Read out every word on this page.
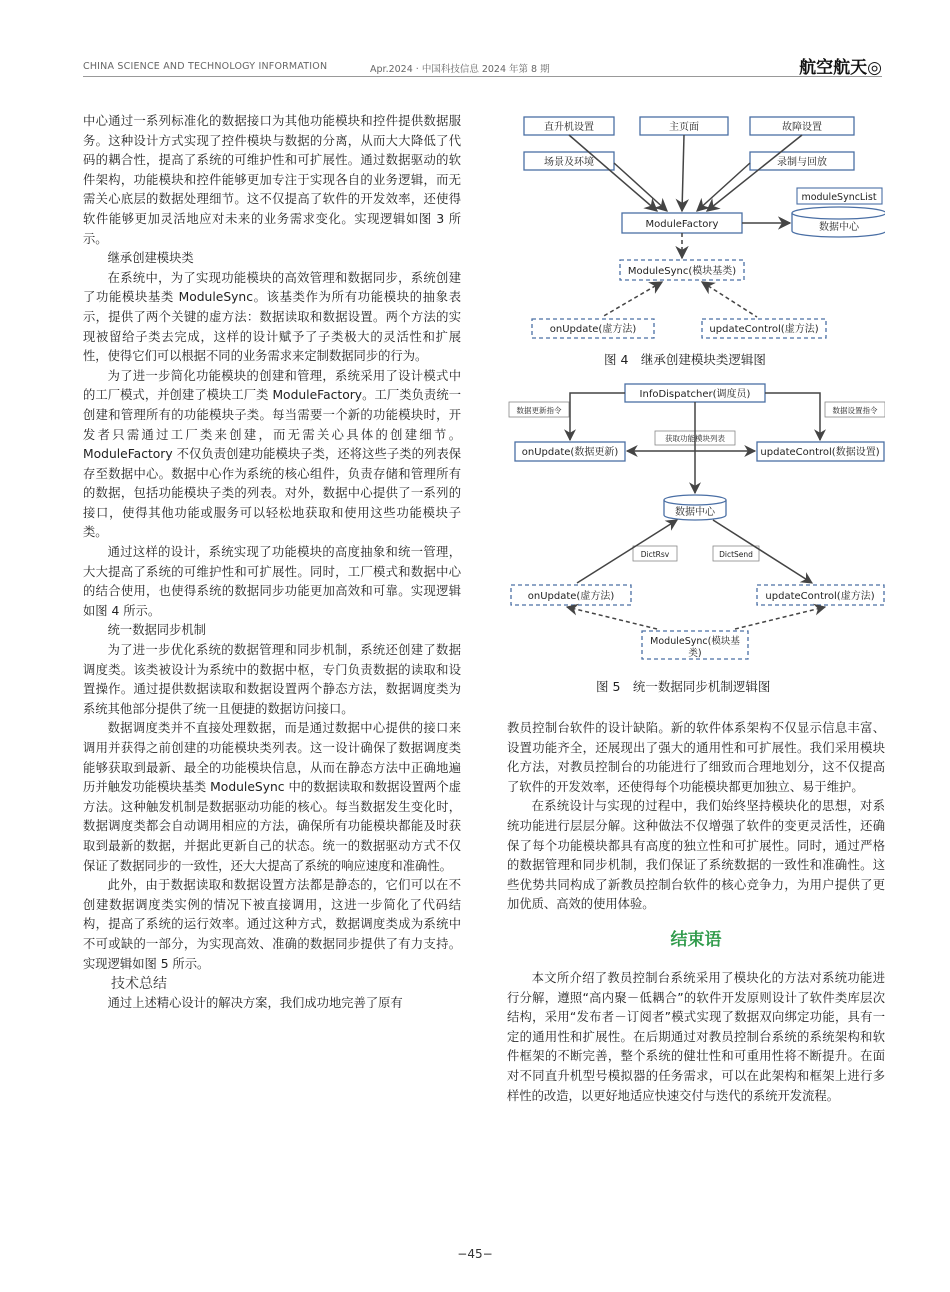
CHINA SCIENCE AND TECHNOLOGY INFORMATION	Apr.2024 · 中国科技信息 2024 年第 8 期	航空航天◎

中心通过一系列标准化的数据接口为其他功能模块和控件提供数据服务。这种设计方式实现了控件模块与数据的分离，从而大大降低了代码的耦合性，提高了系统的可维护性和可扩展性。通过数据驱动的软件架构，功能模块和控件能够更加专注于实现各自的业务逻辑，而无需关心底层的数据处理细节。这不仅提高了软件的开发效率，还使得软件能够更加灵活地应对未来的业务需求变化。实现逻辑如图 3 所示。

继承创建模块类

在系统中，为了实现功能模块的高效管理和数据同步，系统创建了功能模块基类 ModuleSync。该基类作为所有功能模块的抽象表示，提供了两个关键的虚方法：数据读取和数据设置。两个方法的实现被留给子类去完成，这样的设计赋予了子类极大的灵活性和扩展性，使得它们可以根据不同的业务需求来定制数据同步的行为。

为了进一步简化功能模块的创建和管理，系统采用了设计模式中的工厂模式，并创建了模块工厂类 ModuleFactory。工厂类负责统一创建和管理所有的功能模块子类。每当需要一个新的功能模块时，开发者只需通过工厂类来创建，而无需关心具体的创建细节。ModuleFactory 不仅负责创建功能模块子类，还将这些子类的列表保存至数据中心。数据中心作为系统的核心组件，负责存储和管理所有的数据，包括功能模块子类的列表。对外，数据中心提供了一系列的接口，使得其他功能或服务可以轻松地获取和使用这些功能模块子类。

通过这样的设计，系统实现了功能模块的高度抽象和统一管理，大大提高了系统的可维护性和可扩展性。同时，工厂模式和数据中心的结合使用，也使得系统的数据同步功能更加高效和可靠。实现逻辑如图 4 所示。

统一数据同步机制

为了进一步优化系统的数据管理和同步机制，系统还创建了数据调度类。该类被设计为系统中的数据中枢，专门负责数据的读取和设置操作。通过提供数据读取和数据设置两个静态方法，数据调度类为系统其他部分提供了统一且便捷的数据访问接口。

数据调度类并不直接处理数据，而是通过数据中心提供的接口来调用并获得之前创建的功能模块类列表。这一设计确保了数据调度类能够获取到最新、最全的功能模块信息，从而在静态方法中正确地遍历并触发功能模块基类 ModuleSync 中的数据读取和数据设置两个虚方法。这种触发机制是数据驱动功能的核心。每当数据发生变化时，数据调度类都会自动调用相应的方法，确保所有功能模块都能及时获取到最新的数据，并据此更新自己的状态。统一的数据驱动方式不仅保证了数据同步的一致性，还大大提高了系统的响应速度和准确性。

此外，由于数据读取和数据设置方法都是静态的，它们可以在不创建数据调度类实例的情况下被直接调用，这进一步简化了代码结构，提高了系统的运行效率。通过这种方式，数据调度类成为系统中不可或缺的一部分，为实现高效、准确的数据同步提供了有力支持。实现逻辑如图 5 所示。

技术总结

通过上述精心设计的解决方案，我们成功地完善了原有

直升机设置	主页面	故障设置
场景及环境	录制与回放
ModuleFactory
moduleSyncList
数据中心
ModuleSync(模块基类)
onUpdate(虚方法)	updateControl(虚方法)
图 4　继承创建模块类逻辑图
InfoDispatcher(调度员)
数据更新指令	数据设置指令
获取功能模块列表
onUpdate(数据更新)	updateControl(数据设置)
数据中心
DictRsv	DictSend
onUpdate(虚方法)	updateControl(虚方法)
ModuleSync(模块基
类)
图 5　统一数据同步机制逻辑图

教员控制台软件的设计缺陷。新的软件体系架构不仅显示信息丰富、设置功能齐全，还展现出了强大的通用性和可扩展性。我们采用模块化方法，对教员控制台的功能进行了细致而合理地划分，这不仅提高了软件的开发效率，还使得每个功能模块都更加独立、易于维护。

在系统设计与实现的过程中，我们始终坚持模块化的思想，对系统功能进行层层分解。这种做法不仅增强了软件的变更灵活性，还确保了每个功能模块都具有高度的独立性和可扩展性。同时，通过严格的数据管理和同步机制，我们保证了系统数据的一致性和准确性。这些优势共同构成了新教员控制台软件的核心竞争力，为用户提供了更加优质、高效的使用体验。

结束语

本文所介绍了教员控制台系统采用了模块化的方法对系统功能进行分解，遵照“高内聚－低耦合”的软件开发原则设计了软件类库层次结构，采用“发布者－订阅者”模式实现了数据双向绑定功能，具有一定的通用性和扩展性。在后期通过对教员控制台系统的系统架构和软件框架的不断完善，整个系统的健壮性和可重用性将不断提升。在面对不同直升机型号模拟器的任务需求，可以在此架构和框架上进行多样性的改造，以更好地适应快速交付与迭代的系统开发流程。

−45−
